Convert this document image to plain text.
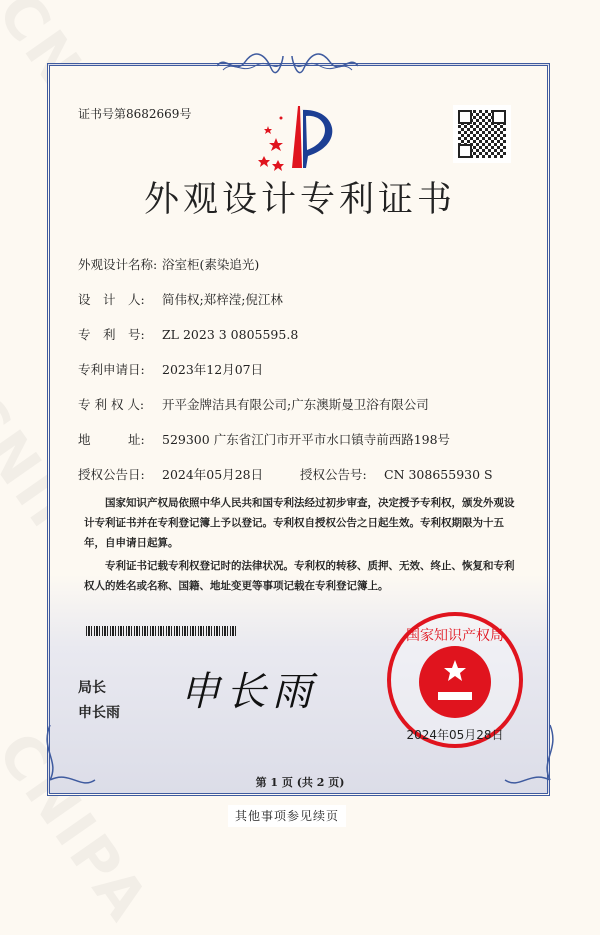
证书号第8682669号
外观设计专利证书
外观设计名称: 浴室柜(素染追光)
设　计　人: 简伟权;郑梓滢;倪江林
专　利　号: ZL 2023 3 0805595.8
专利申请日: 2023年12月07日
专 利 权 人: 开平金牌洁具有限公司;广东澳斯曼卫浴有限公司
地　　　址: 529300 广东省江门市开平市水口镇寺前西路198号
授权公告日: 2024年05月28日	授权公告号: CN 308655930 S
国家知识产权局依照中华人民共和国专利法经过初步审查，决定授予专利权，颁发外观设计专利证书并在专利登记簿上予以登记。专利权自授权公告之日起生效。专利权期限为十五年，自申请日起算。
专利证书记载专利权登记时的法律状况。专利权的转移、质押、无效、终止、恢复和专利权人的姓名或名称、国籍、地址变更等事项记载在专利登记簿上。
局长
申长雨 申长雨
国家知识产权局
2024年05月28日
第 1 页 (共 2 页)
其他事项参见续页
